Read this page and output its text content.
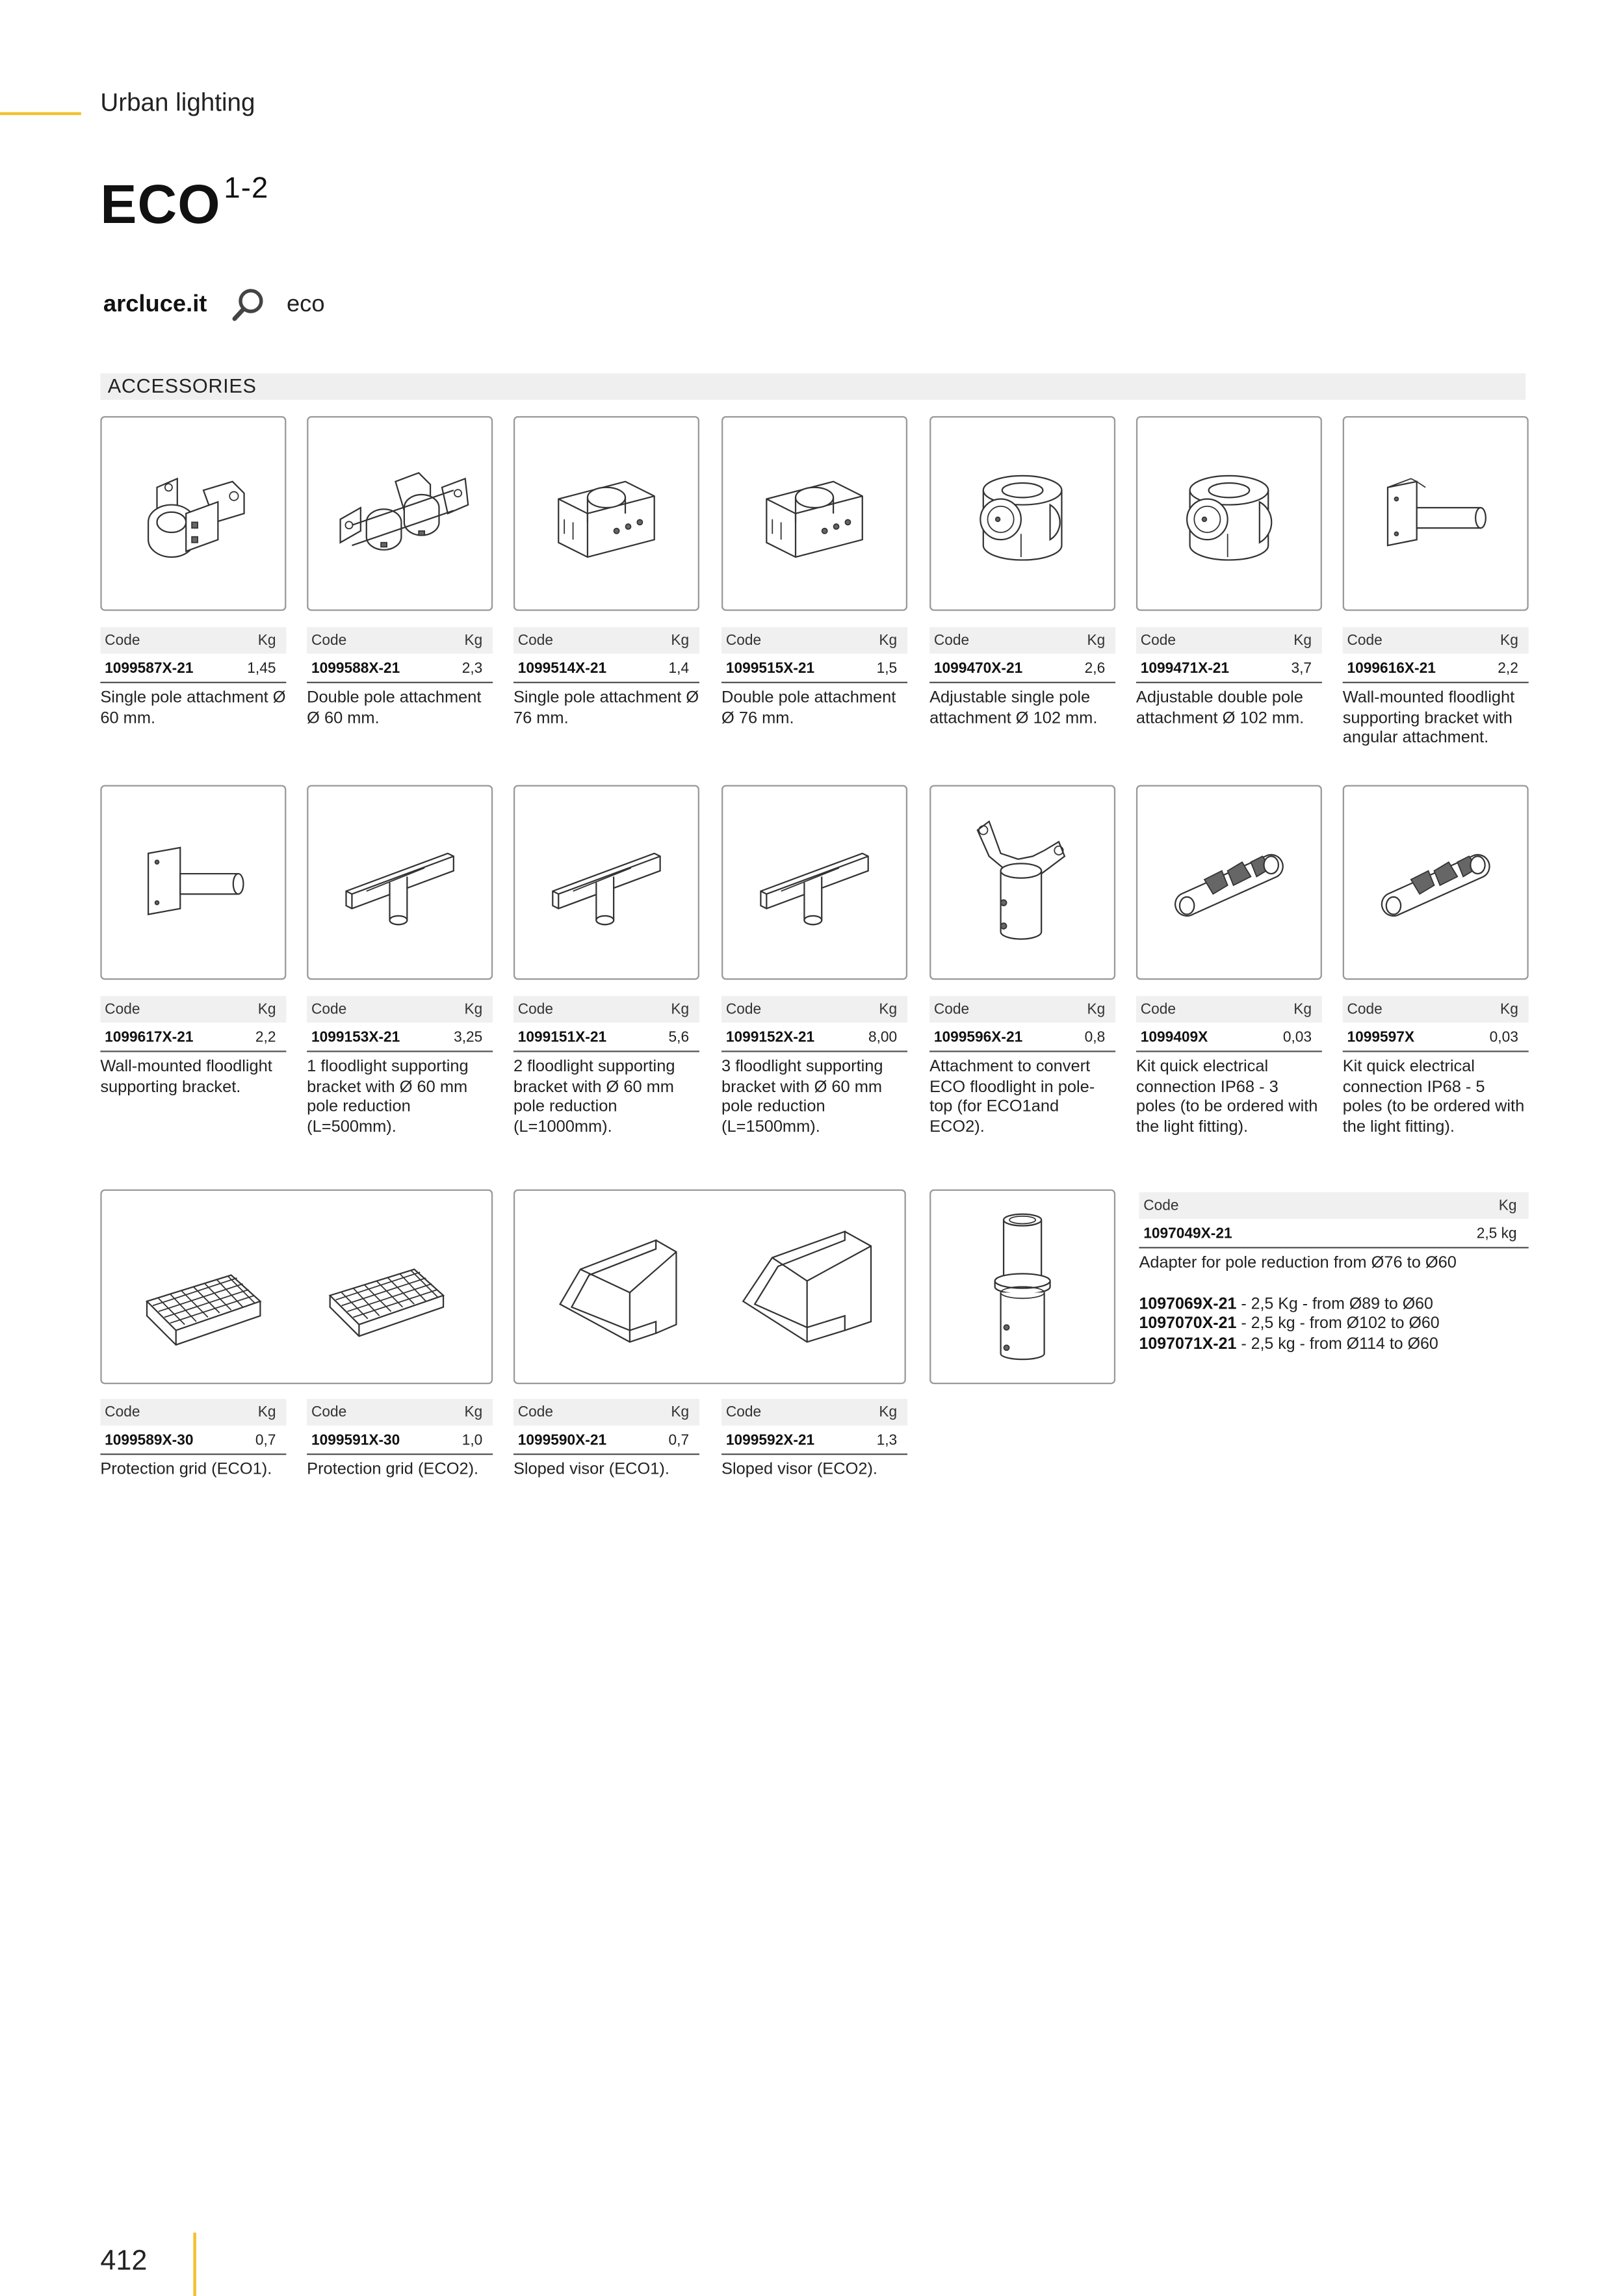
Urban lighting
ECO $^{1-2}$
arcluce.it	eco
ACCESSORIES
Code	Kg
1099587X-21	1,45
Single pole attachment Ø 60 mm.
Code	Kg
1099588X-21	2,3
Double pole attachment Ø 60 mm.
Code	Kg
1099514X-21	1,4
Single pole attachment Ø 76 mm.
Code	Kg
1099515X-21	1,5
Double pole attachment Ø 76 mm.
Code	Kg
1099470X-21	2,6
Adjustable single pole attachment Ø 102 mm.
Code	Kg
1099471X-21	3,7
Adjustable double pole attachment Ø 102 mm.
Code	Kg
1099616X-21	2,2
Wall-mounted floodlight supporting bracket with angular attachment.
Code	Kg
1099617X-21	2,2
Wall-mounted floodlight supporting bracket.
Code	Kg
1099153X-21	3,25
1 floodlight supporting bracket with Ø 60 mm pole reduction (L=500mm).
Code	Kg
1099151X-21	5,6
2 floodlight supporting bracket with Ø 60 mm pole reduction (L=1000mm).
Code	Kg
1099152X-21	8,00
3 floodlight supporting bracket with Ø 60 mm pole reduction (L=1500mm).
Code	Kg
1099596X-21	0,8
Attachment to convert ECO floodlight in pole-top (for ECO1and ECO2).
Code	Kg
1099409X	0,03
Kit quick electrical connection IP68 - 3 poles (to be ordered with the light fitting).
Code	Kg
1099597X	0,03
Kit quick electrical connection IP68 - 5 poles (to be ordered with the light fitting).
Code	Kg
1099589X-30	0,7
Protection grid (ECO1).
Code	Kg
1099591X-30	1,0
Protection grid (ECO2).
Code	Kg
1099590X-21	0,7
Sloped visor (ECO1).
Code	Kg
1099592X-21	1,3
Sloped visor (ECO2).
Code	Kg
1097049X-21	2,5 kg
Adapter for pole reduction from Ø76 to Ø60
1097069X-21 - 2,5 Kg - from Ø89 to Ø60
1097070X-21 - 2,5 kg - from Ø102 to Ø60
1097071X-21 - 2,5 kg - from Ø114 to Ø60
412
